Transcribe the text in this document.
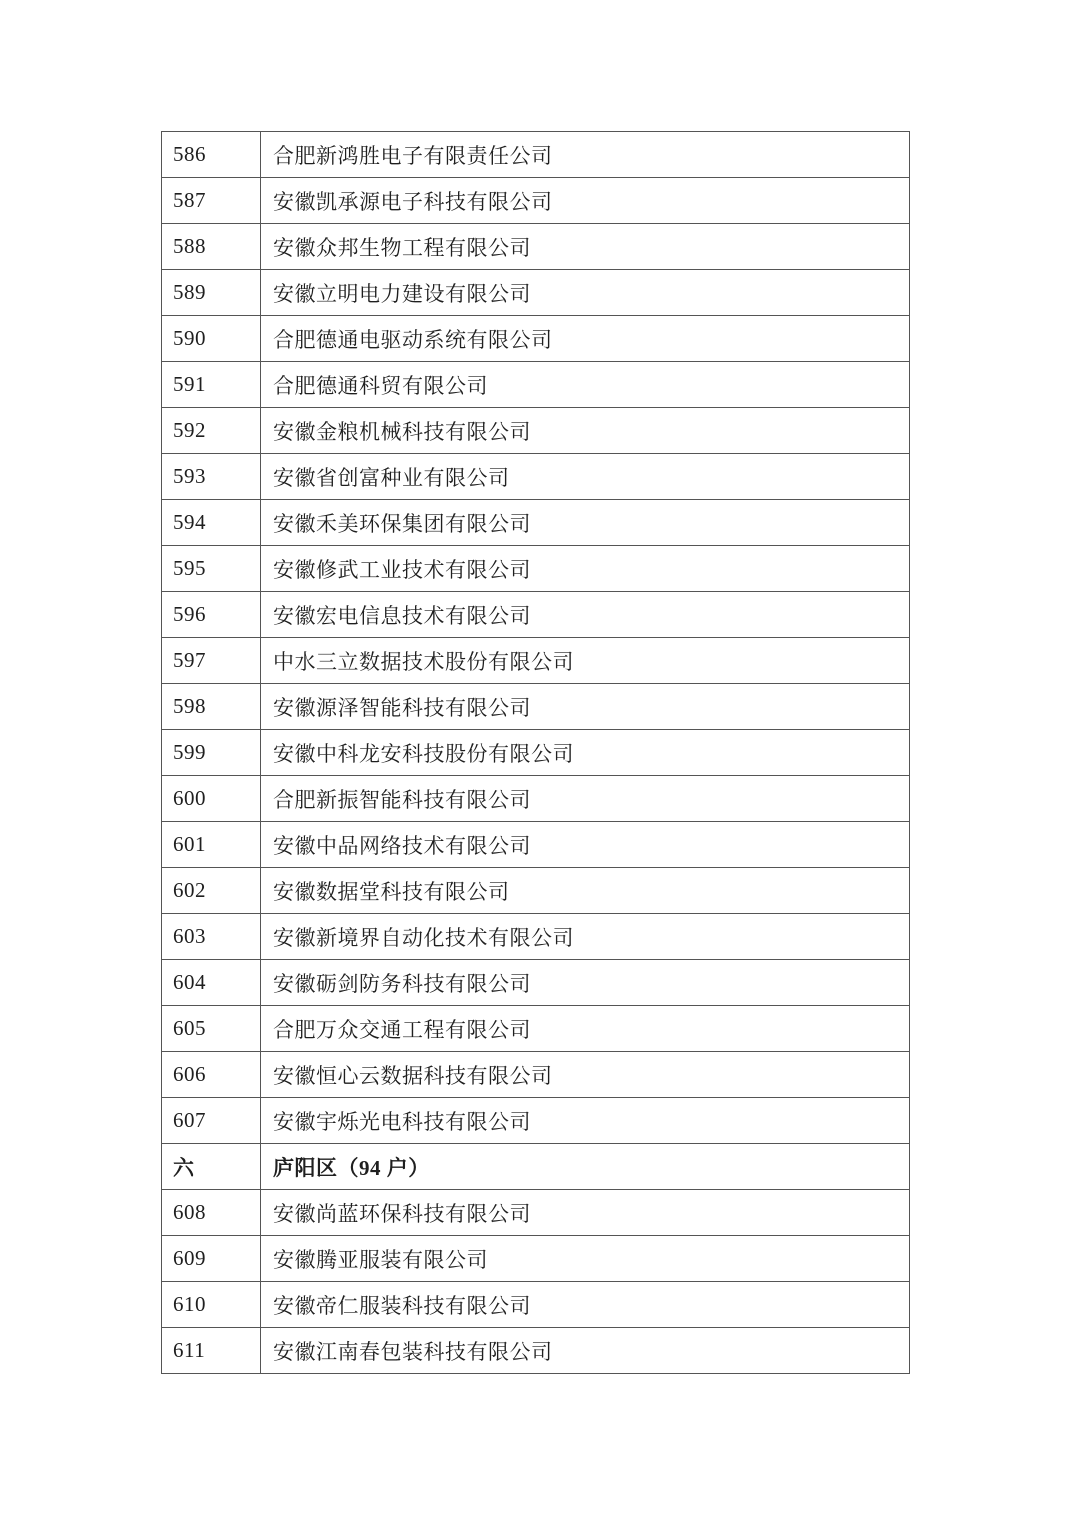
586	合肥新鸿胜电子有限责任公司
587	安徽凯承源电子科技有限公司
588	安徽众邦生物工程有限公司
589	安徽立明电力建设有限公司
590	合肥德通电驱动系统有限公司
591	合肥德通科贸有限公司
592	安徽金粮机械科技有限公司
593	安徽省创富种业有限公司
594	安徽禾美环保集团有限公司
595	安徽修武工业技术有限公司
596	安徽宏电信息技术有限公司
597	中水三立数据技术股份有限公司
598	安徽源泽智能科技有限公司
599	安徽中科龙安科技股份有限公司
600	合肥新振智能科技有限公司
601	安徽中品网络技术有限公司
602	安徽数据堂科技有限公司
603	安徽新境界自动化技术有限公司
604	安徽砺剑防务科技有限公司
605	合肥万众交通工程有限公司
606	安徽恒心云数据科技有限公司
607	安徽宇烁光电科技有限公司
六	庐阳区（94 户）
608	安徽尚蓝环保科技有限公司
609	安徽腾亚服装有限公司
610	安徽帝仁服装科技有限公司
611	安徽江南春包装科技有限公司
